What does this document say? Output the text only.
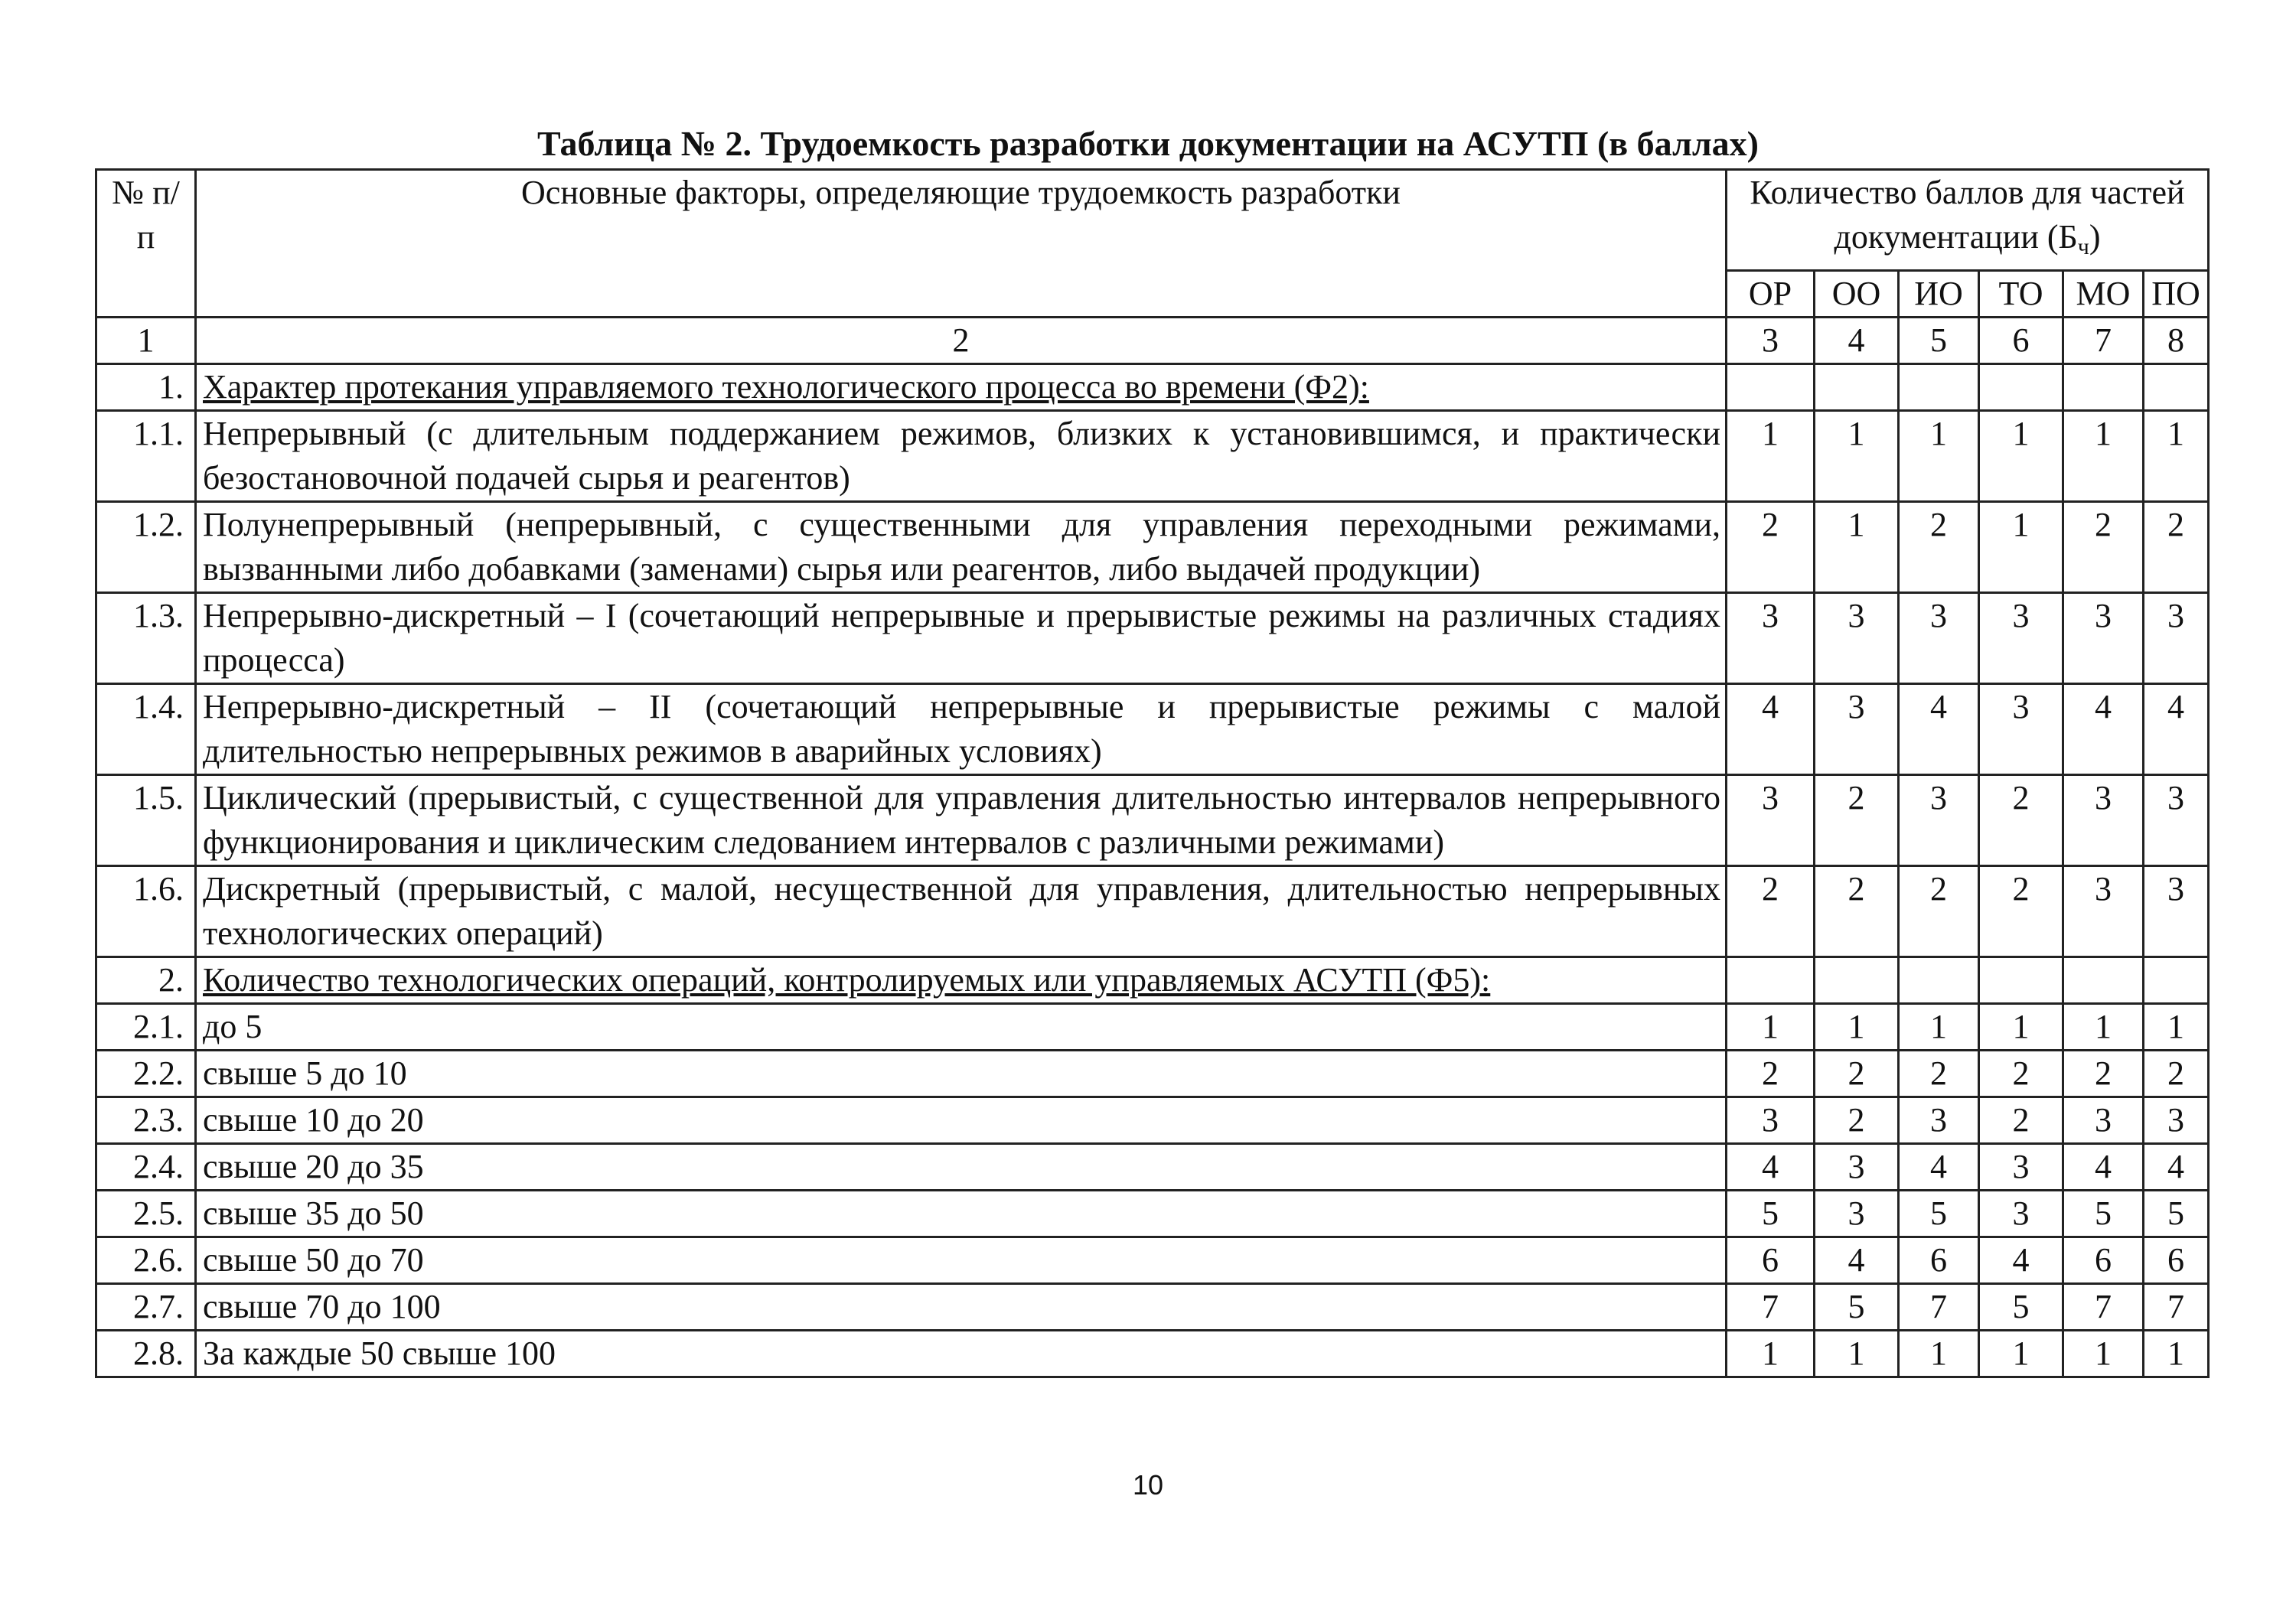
Таблица № 2. Трудоемкость разработки документации на АСУТП (в баллах)
№ п/п	Основные факторы, определяющие трудоемкость разработки	Количество баллов для частей документации (Бч)					
		ОР	ОО	ИО	ТО	МО	ПО
1	2	3	4	5	6	7	8
1.	Характер протекания управляемого технологического процесса во времени (Ф2):						
1.1.	Непрерывный (с длительным поддержанием режимов, близких к установившимся, и практически безостановочной подачей сырья и реагентов)	1	1	1	1	1	1
1.2.	Полунепрерывный (непрерывный, с существенными для управления переходными режимами, вызванными либо добавками (заменами) сырья или реагентов, либо выдачей продукции)	2	1	2	1	2	2
1.3.	Непрерывно-дискретный – I (сочетающий непрерывные и прерывистые режимы на различных стадиях процесса)	3	3	3	3	3	3
1.4.	Непрерывно-дискретный – II (сочетающий непрерывные и прерывистые режимы с малой длительностью непрерывных режимов в аварийных условиях)	4	3	4	3	4	4
1.5.	Циклический (прерывистый, с существенной для управления длительностью интервалов непрерывного функционирования и циклическим следованием интервалов с различными режимами)	3	2	3	2	3	3
1.6.	Дискретный (прерывистый, с малой, несущественной для управления, длительностью непрерывных технологических операций)	2	2	2	2	3	3
2.	Количество технологических операций, контролируемых или управляемых АСУТП (Ф5):						
2.1.	до 5	1	1	1	1	1	1
2.2.	свыше 5 до 10	2	2	2	2	2	2
2.3.	свыше 10 до 20	3	2	3	2	3	3
2.4.	свыше 20 до 35	4	3	4	3	4	4
2.5.	свыше 35 до 50	5	3	5	3	5	5
2.6.	свыше 50 до 70	6	4	6	4	6	6
2.7.	свыше 70 до 100	7	5	7	5	7	7
2.8.	За каждые 50 свыше 100	1	1	1	1	1	1
10
